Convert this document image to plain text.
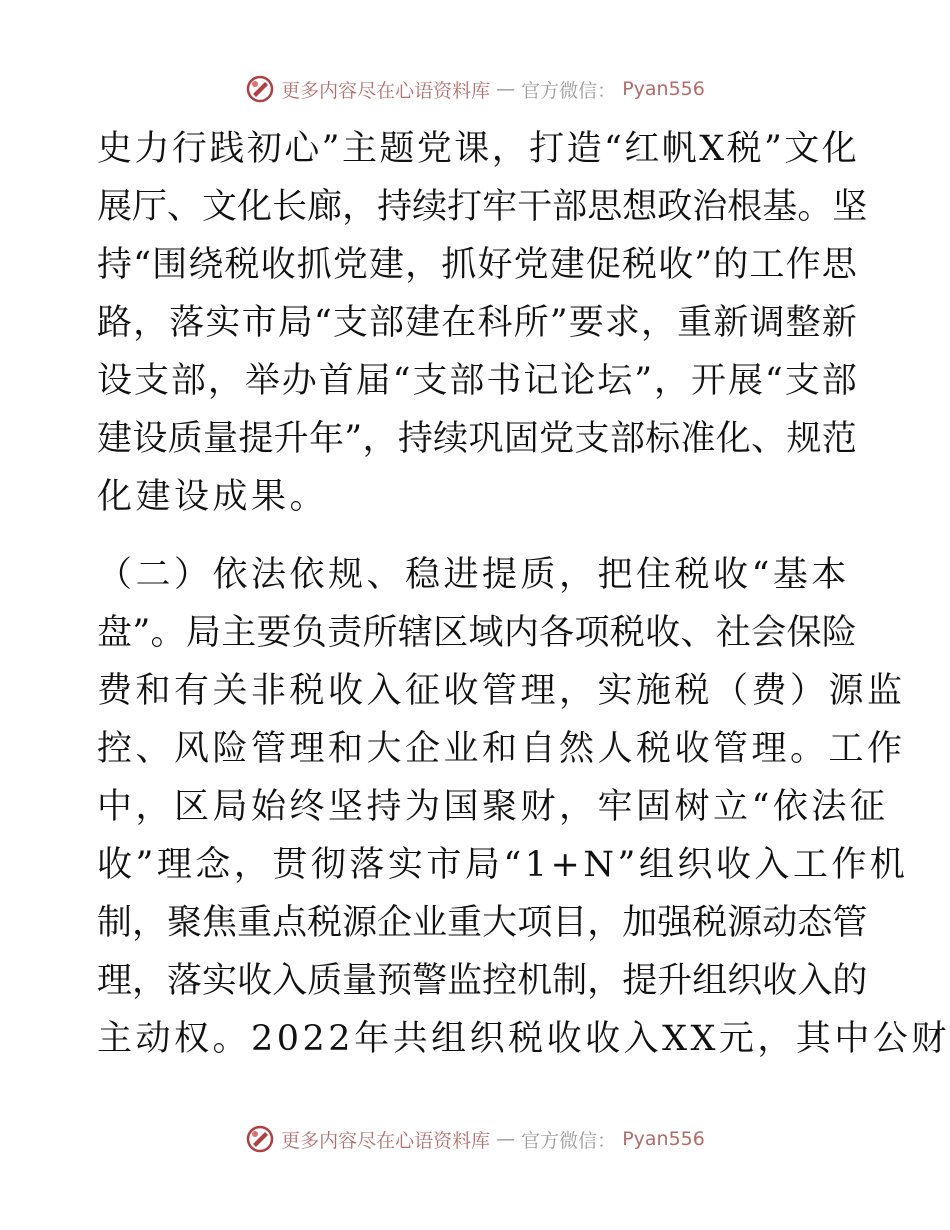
更多内容尽在心语资料库 — 官方微信： Pyan556
史 力 行 践 初 心 ” 主 题 党 课 ， 打 造 “ 红 帆 X 税 ” 文 化
展 厅 、 文 化 长 廊 ， 持 续 打 牢 干 部 思 想 政 治 根 基 。 坚
持 “ 围 绕 税 收 抓 党 建 ， 抓 好 党 建 促 税 收 ” 的 工 作 思
路 ， 落 实 市 局 “ 支 部 建 在 科 所 ” 要 求 ， 重 新 调 整 新
设 支 部 ， 举 办 首 届 “ 支 部 书 记 论 坛 ” ， 开 展 “ 支 部
建 设 质 量 提 升 年 ” ， 持 续 巩 固 党 支 部 标 准 化 、 规 范
化建设成果。
（二）依法依规、稳进提质，把住税收“基本
盘 ” 。 局 主 要 负 责 所 辖 区 域 内 各 项 税 收 、 社 会 保 险
费和有关非税收入征收管理，实施税（费）源监
控、风险管理和大企业和自然人税收管理。工作
中，区局始终坚持为国聚财，牢固树立“依法征
收”理念，贯彻落实市局“1+N”组织收入工作机
制 ， 聚 焦 重 点 税 源 企 业 重 大 项 目 ， 加 强 税 源 动 态 管
理 ， 落 实 收 入 质 量 预 警 监 控 机 制 ， 提 升 组 织 收 入 的
主动权。2022年共组织税收收入XX元，其中公财
更多内容尽在心语资料库 — 官方微信： Pyan556
